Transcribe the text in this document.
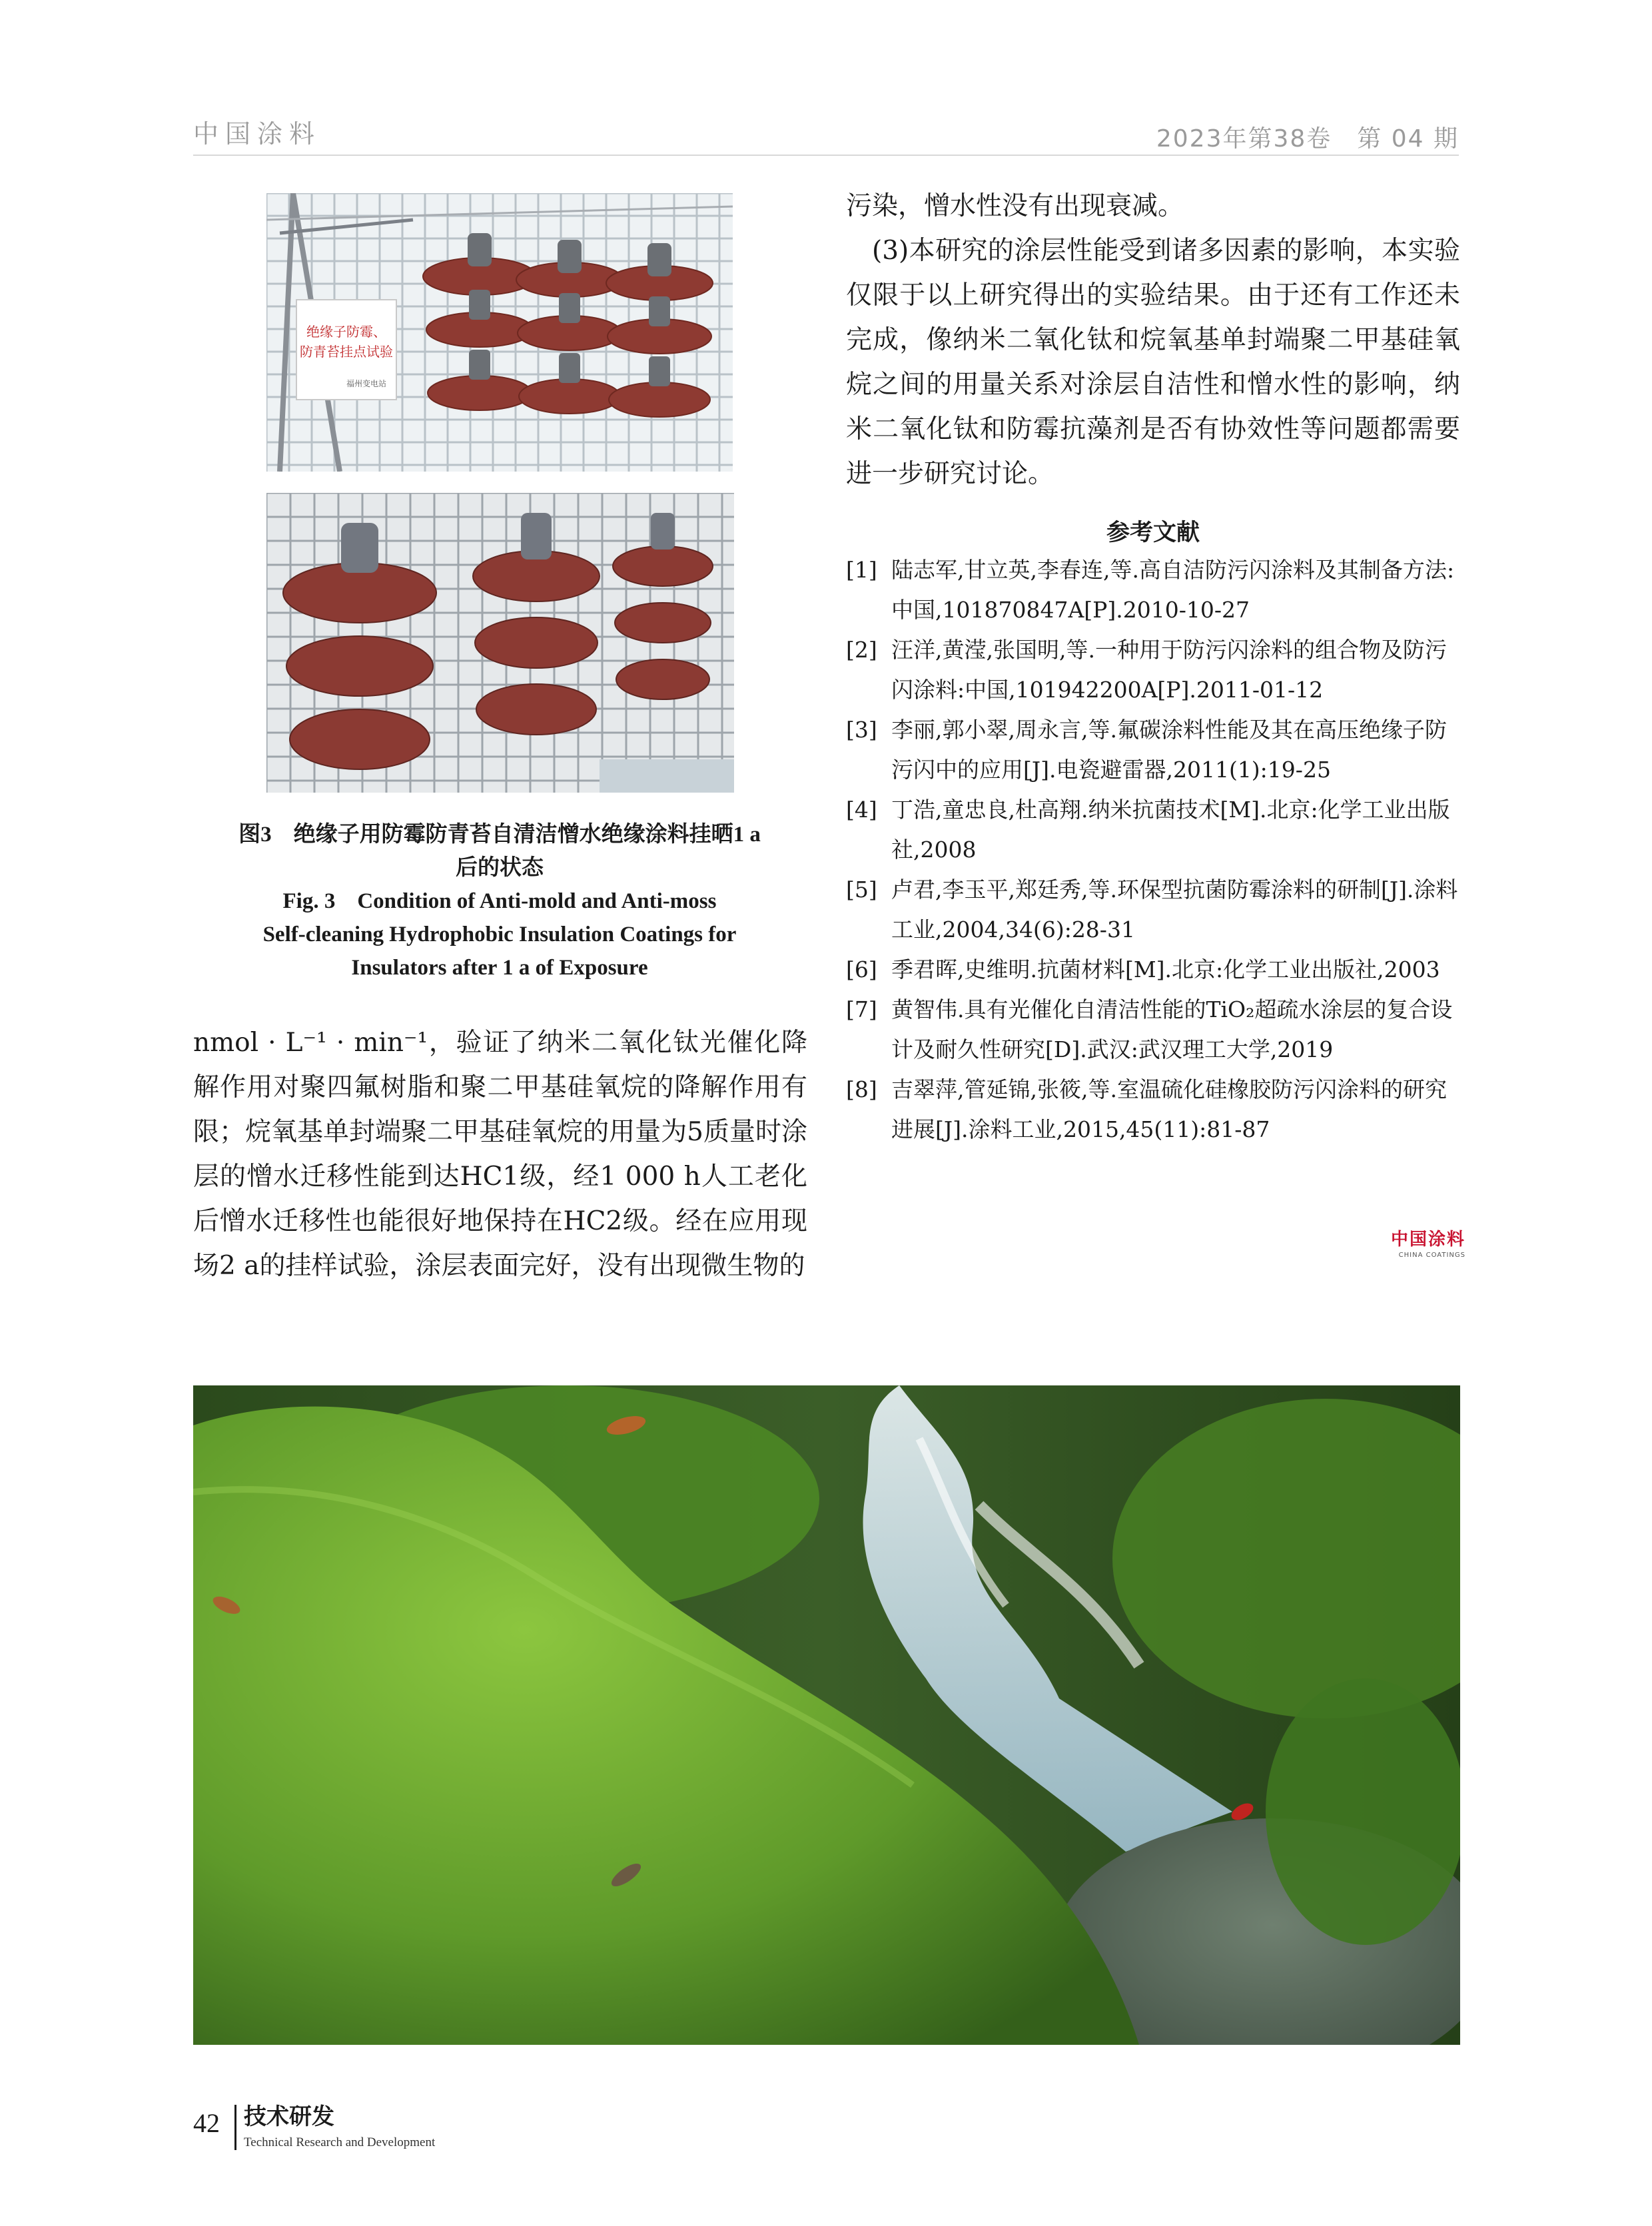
中国涂料	2023年第38卷　第 04 期
绝缘子防霉、
防青苔挂点试验
福州变电站
图3　绝缘子用防霉防青苔自清洁憎水绝缘涂料挂晒1 a
后的状态
Fig. 3　Condition of Anti-mold and Anti-moss
Self-cleaning Hydrophobic Insulation Coatings for
Insulators after 1 a of Exposure
nmol · L⁻¹ · min⁻¹，验证了纳米二氧化钛光催化降解作用对聚四氟树脂和聚二甲基硅氧烷的降解作用有限；烷氧基单封端聚二甲基硅氧烷的用量为5质量时涂层的憎水迁移性能到达HC1级，经1 000 h人工老化后憎水迁移性也能很好地保持在HC2级。经在应用现场2 a的挂样试验，涂层表面完好，没有出现微生物的
污染，憎水性没有出现衰减。
(3)本研究的涂层性能受到诸多因素的影响，本实验仅限于以上研究得出的实验结果。由于还有工作还未完成，像纳米二氧化钛和烷氧基单封端聚二甲基硅氧烷之间的用量关系对涂层自洁性和憎水性的影响，纳米二氧化钛和防霉抗藻剂是否有协效性等问题都需要进一步研究讨论。
参考文献
[1] 陆志军,甘立英,李春连,等.高自洁防污闪涂料及其制备方法:中国,101870847A[P].2010-10-27
[2] 汪洋,黄滢,张国明,等.一种用于防污闪涂料的组合物及防污闪涂料:中国,101942200A[P].2011-01-12
[3] 李丽,郭小翠,周永言,等.氟碳涂料性能及其在高压绝缘子防污闪中的应用[J].电瓷避雷器,2011(1):19-25
[4] 丁浩,童忠良,杜高翔.纳米抗菌技术[M].北京:化学工业出版社,2008
[5] 卢君,李玉平,郑廷秀,等.环保型抗菌防霉涂料的研制[J].涂料工业,2004,34(6):28-31
[6] 季君晖,史维明.抗菌材料[M].北京:化学工业出版社,2003
[7] 黄智伟.具有光催化自清洁性能的TiO₂超疏水涂层的复合设计及耐久性研究[D].武汉:武汉理工大学,2019
[8] 吉翠萍,管延锦,张筱,等.室温硫化硅橡胶防污闪涂料的研究进展[J].涂料工业,2015,45(11):81-87
中国涂料
CHINA COATINGS
42 技术研发
Technical Research and Development
